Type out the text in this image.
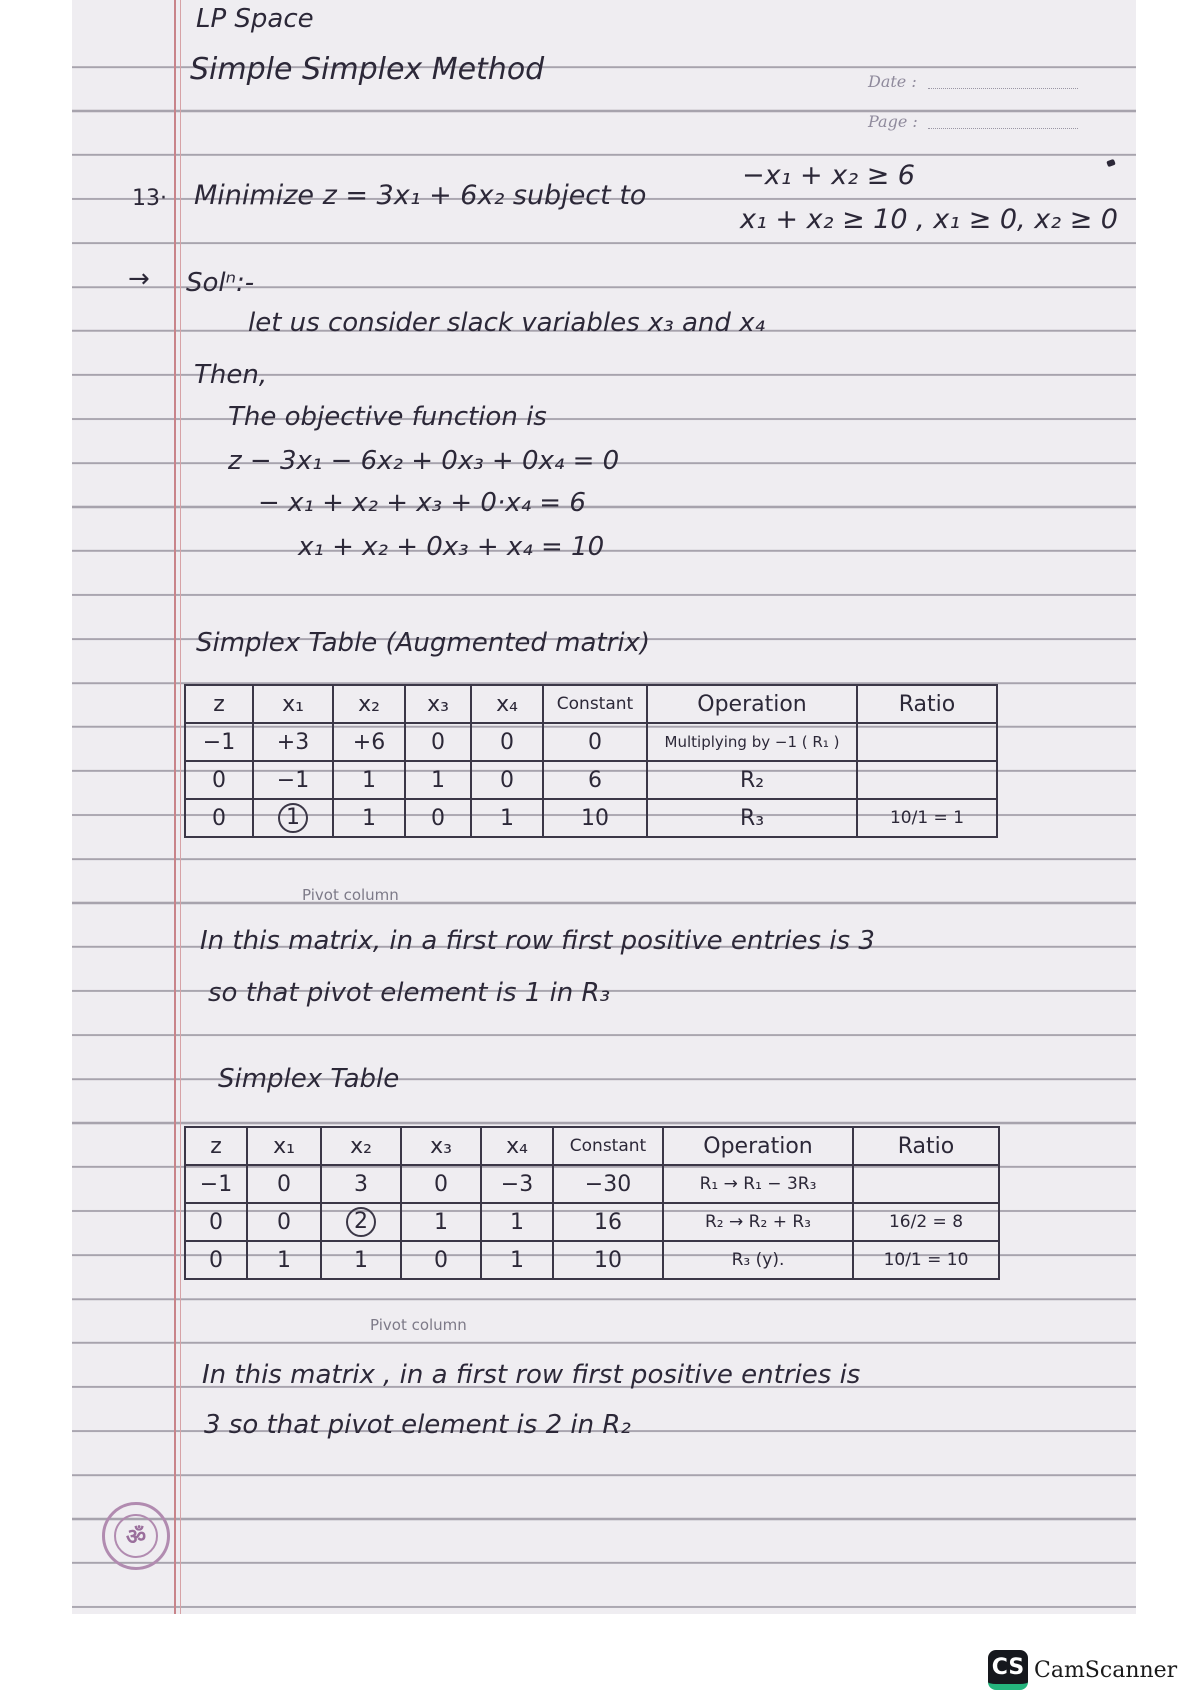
LP Space
Simple Simplex Method	Date :
Page :
13· Minimize z = 3x₁ + 6x₂ subject to
−x₁ + x₂ ≥ 6
x₁ + x₂ ≥ 10 , x₁ ≥ 0, x₂ ≥ 0
→ Solⁿ:-
let us consider slack variables x₃ and x₄
Then,
The objective function is
z − 3x₁ − 6x₂ + 0x₃ + 0x₄ = 0
− x₁ + x₂ + x₃ + 0·x₄ = 6
x₁ + x₂ + 0x₃ + x₄ = 10
Simplex Table (Augmented matrix)
z	x₁	x₂	x₃	x₄	Constant	Operation	Ratio
−1	+3	+6	0	0	0	Multiplying by −1 ( R₁ )	
0	−1	1	1	0	6	R₂	
0	1	1	0	1	10	R₃	10/1 = 1
Pivot column
In this matrix, in a first row first positive entries is 3
so that pivot element is 1 in R₃
Simplex Table
z	x₁	x₂	x₃	x₄	Constant	Operation	Ratio
−1	0	3	0	−3	−30	R₁ → R₁ − 3R₃	
0	0	2	1	1	16	R₂ → R₂ + R₃	16/2 = 8
0	1	1	0	1	10	R₃ (y).	10/1 = 10
Pivot column
In this matrix , in a first row first positive entries is
3 so that pivot element is 2 in R₂
ॐ
CS CamScanner
